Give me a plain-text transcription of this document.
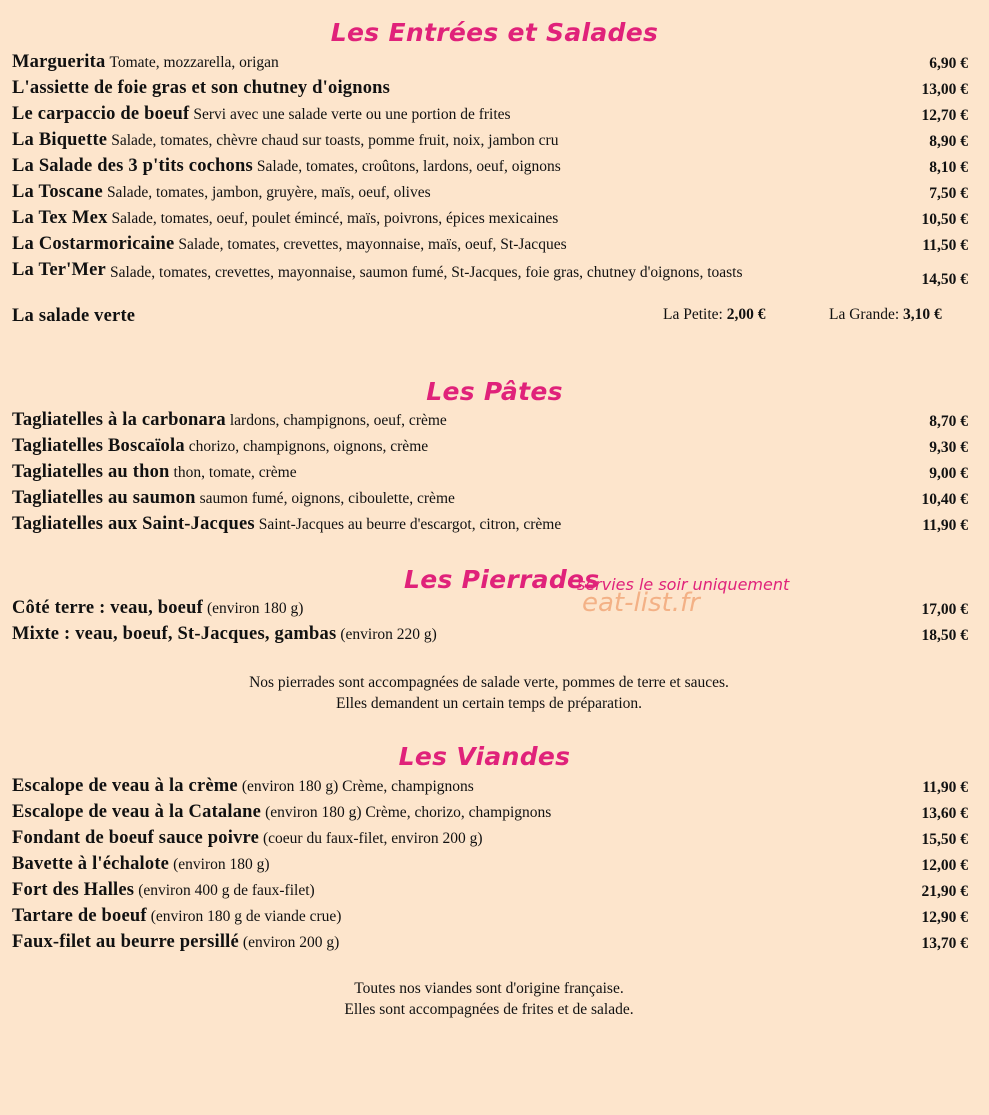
Les Entrées et Salades
Marguerita Tomate, mozzarella, origan	6,90 €
L'assiette de foie gras et son chutney d'oignons	13,00 €
Le carpaccio de boeuf Servi avec une salade verte ou une portion de frites	12,70 €
La Biquette Salade, tomates, chèvre chaud sur toasts, pomme fruit, noix, jambon cru	8,90 €
La Salade des 3 p'tits cochons Salade, tomates, croûtons, lardons, oeuf, oignons	8,10 €
La Toscane Salade, tomates, jambon, gruyère, maïs, oeuf, olives	7,50 €
La Tex Mex Salade, tomates, oeuf, poulet émincé, maïs, poivrons, épices mexicaines	10,50 €
La Costarmoricaine Salade, tomates, crevettes, mayonnaise, maïs, oeuf, St-Jacques	11,50 €
La Ter'Mer Salade, tomates, crevettes, mayonnaise, saumon fumé, St-Jacques, foie gras, chutney d'oignons, toasts	14,50 €
La salade verte	La Petite: 2,00 €	La Grande: 3,10 €
Les Pâtes
Tagliatelles à la carbonara lardons, champignons, oeuf, crème	8,70 €
Tagliatelles Boscaïola chorizo, champignons, oignons, crème	9,30 €
Tagliatelles au thon thon, tomate, crème	9,00 €
Tagliatelles au saumon saumon fumé, oignons, ciboulette, crème	10,40 €
Tagliatelles aux Saint-Jacques Saint-Jacques au beurre d'escargot, citron, crème	11,90 €
Les Pierrades
servies le soir uniquement
eat-list.fr
Côté terre : veau, boeuf (environ 180 g)	17,00 €
Mixte : veau, boeuf, St-Jacques, gambas (environ 220 g)	18,50 €
Nos pierrades sont accompagnées de salade verte, pommes de terre et sauces.
Elles demandent un certain temps de préparation.
Les Viandes
Escalope de veau à la crème (environ 180 g) Crème, champignons	11,90 €
Escalope de veau à la Catalane (environ 180 g) Crème, chorizo, champignons	13,60 €
Fondant de boeuf sauce poivre (coeur du faux-filet, environ 200 g)	15,50 €
Bavette à l'échalote (environ 180 g)	12,00 €
Fort des Halles (environ 400 g de faux-filet)	21,90 €
Tartare de boeuf (environ 180 g de viande crue)	12,90 €
Faux-filet au beurre persillé (environ 200 g)	13,70 €
Toutes nos viandes sont d'origine française.
Elles sont accompagnées de frites et de salade.
